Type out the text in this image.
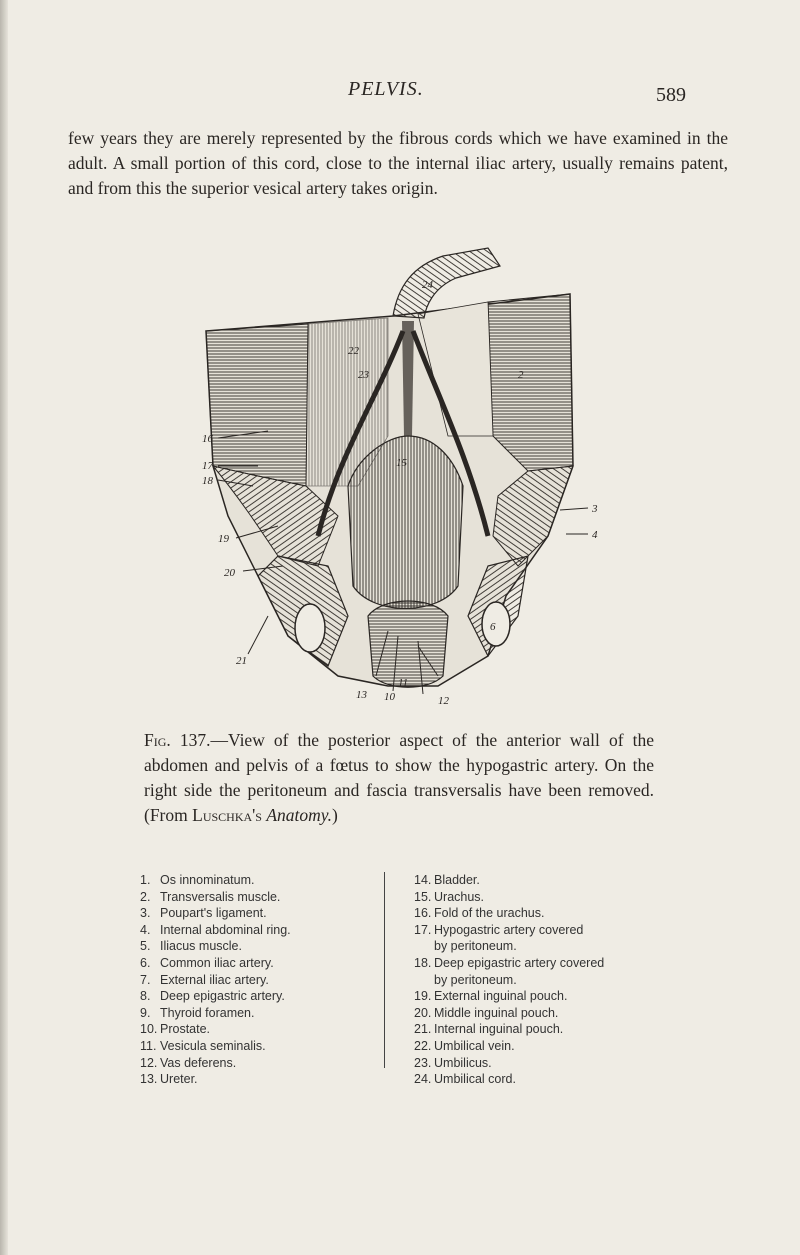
PELVIS.	589

few years they are merely represented by the fibrous cords which we have examined in the adult. A small portion of this cord, close to the internal iliac artery, usually remains patent, and from this the superior vesical artery takes origin.

24
22
23	2
15
3
4
16
17
18
19
20
6
21
11
10
13	12

Fig. 137.—View of the posterior aspect of the anterior wall of the abdomen and pelvis of a fœtus to show the hypogastric artery. On the right side the peritoneum and fascia transversalis have been removed. (From Luschka's Anatomy.)

1. Os innominatum.
2. Transversalis muscle.
3. Poupart's ligament.
4. Internal abdominal ring.
5. Iliacus muscle.
6. Common iliac artery.
7. External iliac artery.
8. Deep epigastric artery.
9. Thyroid foramen.
10. Prostate.
11. Vesicula seminalis.
12. Vas deferens.
13. Ureter.
14. Bladder.
15. Urachus.
16. Fold of the urachus.
17. Hypogastric artery covered
by peritoneum.
18. Deep epigastric artery covered
by peritoneum.
19. External inguinal pouch.
20. Middle inguinal pouch.
21. Internal inguinal pouch.
22. Umbilical vein.
23. Umbilicus.
24. Umbilical cord.
